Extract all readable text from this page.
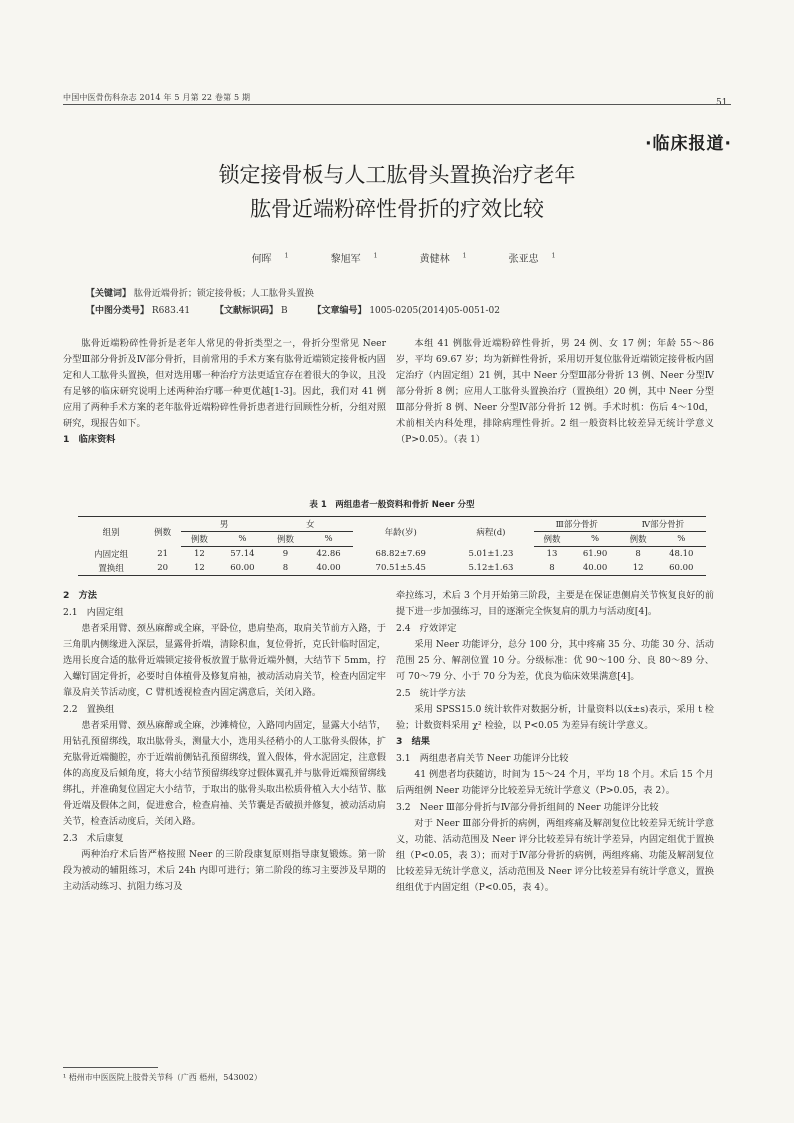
中国中医骨伤科杂志 2014 年 5 月第 22 卷第 5 期
51
·临床报道·
锁定接骨板与人工肱骨头置换治疗老年
肱骨近端粉碎性骨折的疗效比较
何晖 $^1$	黎旭军 $^1$	黄健林 $^1$	张亚忠 $^1$
【关键词】 肱骨近端骨折；锁定接骨板；人工肱骨头置换
【中图分类号】 R683.41	【文献标识码】 B	【文章编号】 1005-0205(2014)05-0051-02

肱骨近端粉碎性骨折是老年人常见的骨折类型之一，骨折分型常见 Neer 分型Ⅲ部分骨折及Ⅳ部分骨折，目前常用的手术方案有肱骨近端锁定接骨板内固定和人工肱骨头置换，但对选用哪一种治疗方法更适宜存在着很大的争议，且没有足够的临床研究说明上述两种治疗哪一种更优越[1-3]。因此，我们对 41 例应用了两种手术方案的老年肱骨近端粉碎性骨折患者进行回顾性分析，分组对照研究，现报告如下。

1　临床资料

本组 41 例肱骨近端粉碎性骨折，男 24 例、女 17 例；年龄 55～86 岁，平均 69.67 岁；均为新鲜性骨折，采用切开复位肱骨近端锁定接骨板内固定治疗（内固定组）21 例，其中 Neer 分型Ⅲ部分骨折 13 例、Neer 分型Ⅳ部分骨折 8 例；应用人工肱骨头置换治疗（置换组）20 例，其中 Neer 分型Ⅲ部分骨折 8 例、Neer 分型Ⅳ部分骨折 12 例。手术时机：伤后 4～10d，术前相关内科处理，排除病理性骨折。2 组一般资料比较差异无统计学意义（P>0.05）。（表 1）

表 1　两组患者一般资料和骨折 Neer 分型
组别	例数	男		女		年龄(岁)	病程(d)	Ⅲ部分骨折		Ⅳ部分骨折	
		例数	%	例数	%			例数	%	例数	%
内固定组	21	12	57.14	9	42.86	68.82±7.69	5.01±1.23	13	61.90	8	48.10
置换组	20	12	60.00	8	40.00	70.51±5.45	5.12±1.63	8	40.00	12	60.00
2　方法
2.1　内固定组

患者采用臂、颈丛麻醉或全麻，平卧位，患肩垫高，取肩关节前方入路，于三角肌内侧缘进入深层，显露骨折端，清除积血，复位骨折，克氏针临时固定，选用长度合适的肱骨近端锁定接骨板放置于肱骨近端外侧，大结节下 5mm，拧入螺钉固定骨折，必要时自体植骨及修复肩袖，被动活动肩关节，检查内固定牢靠及肩关节活动度，C 臂机透视检查内固定满意后，关闭入路。

2.2　置换组

患者采用臂、颈丛麻醉或全麻，沙滩椅位，入路同内固定，显露大小结节，用钻孔预留绑线，取出肱骨头，测量大小，选用头径稍小的人工肱骨头假体，扩充肱骨近端髓腔，亦于近端前侧钻孔预留绑线，置入假体，骨水泥固定，注意假体的高度及后倾角度，将大小结节预留绑线穿过假体翼孔并与肱骨近端预留绑线绑扎，并准确复位固定大小结节，于取出的肱骨头取出松质骨植入大小结节、肱骨近端及假体之间，促进愈合，检查肩袖、关节囊是否破损并修复，被动活动肩关节，检查活动度后，关闭入路。

2.3　术后康复

两种治疗术后皆严格按照 Neer 的三阶段康复原则指导康复锻炼。第一阶段为被动的辅阻练习，术后 24h 内即可进行；第二阶段的练习主要涉及早期的主动活动练习、抗阻力练习及

牵拉练习，术后 3 个月开始第三阶段，主要是在保证患侧肩关节恢复良好的前提下进一步加强练习，目的逐渐完全恢复肩的肌力与活动度[4]。

2.4　疗效评定

采用 Neer 功能评分，总分 100 分，其中疼痛 35 分、功能 30 分、活动范围 25 分、解剖位置 10 分。分级标准：优 90～100 分、良 80～89 分、可 70～79 分、小于 70 分为差，优良为临床效果满意[4]。

2.5　统计学方法

采用 SPSS15.0 统计软件对数据分析，计量资料以(x̄±s)表示，采用 t 检验；计数资料采用 χ² 检验，以 P<0.05 为差异有统计学意义。

3　结果
3.1　两组患者肩关节 Neer 功能评分比较

41 例患者均获随访，时间为 15～24 个月，平均 18 个月。术后 15 个月后两组例 Neer 功能评分比较差异无统计学意义（P>0.05，表 2）。

3.2　Neer Ⅲ部分骨折与Ⅳ部分骨折组间的 Neer 功能评分比较

对于 Neer Ⅲ部分骨折的病例，两组疼痛及解剖复位比较差异无统计学意义，功能、活动范围及 Neer 评分比较差异有统计学差异，内固定组优于置换组（P<0.05，表 3）；而对于Ⅳ部分骨折的病例，两组疼痛、功能及解剖复位比较差异无统计学意义，活动范围及 Neer 评分比较差异有统计学意义，置换组组优于内固定组（P<0.05，表 4）。

¹ 梧州市中医医院上肢骨关节科（广西 梧州，543002）
